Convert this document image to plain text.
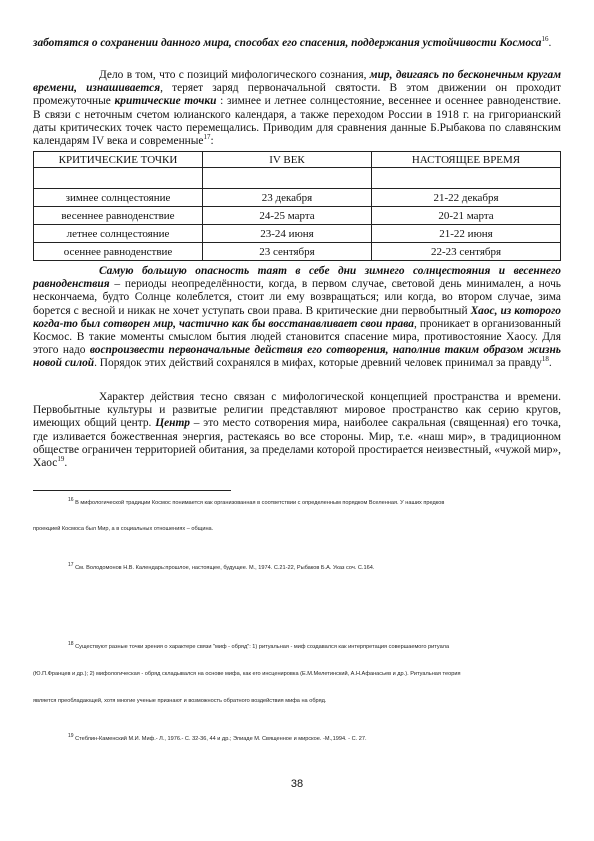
заботятся о сохранении данного мира, способах его спасения, поддержания устойчивости Космоса$^{16}$.
Дело в том, что с позиций мифологического сознания, мир, двигаясь по бесконечным кругам времени, изнашивается, теряет заряд первоначальной святости. В этом движении он проходит промежуточные критические точки : зимнее и летнее солнцестояние, весеннее и осеннее равноденствие. В связи с неточным счетом юлианского календаря, а также переходом России в 1918 г. на григорианский даты критических точек часто перемещались. Приводим для сравнения данные Б.Рыбакова по славянским календарям IV века и современные$^{17}$:
КРИТИЧЕСКИЕ ТОЧКИ	IV ВЕК	НАСТОЯЩЕЕ ВРЕМЯ

зимнее солнцестояние	23 декабря	21-22 декабря
весеннее равноденствие	24-25 марта	20-21 марта
летнее солнцестояние	23-24 июня	21-22 июня
осеннее равноденствие	23 сентября	22-23 сентября
Самую большую опасность таят в себе дни зимнего солнцестояния и весеннего равноденствия – периоды неопределённости, когда, в первом случае, световой день минимален, а ночь нескончаема, будто Солнце колеблется, стоит ли ему возвращаться; или когда, во втором случае, зима борется с весной и никак не хочет уступать свои права. В критические дни первобытный Хаос, из которого когда-то был сотворен мир, частично как бы восстанавливает свои права, проникает в организованный Космос. В такие моменты смыслом бытия людей становится спасение мира, противостояние Хаосу. Для этого надо воспроизвести первоначальные действия его сотворения, наполнив таким образом жизнь новой силой. Порядок этих действий сохранялся в мифах, которые древний человек принимал за правду$^{18}$.
Характер действия тесно связан с мифологической концепцией пространства и времени. Первобытные культуры и развитые религии представляют мировое пространство как серию кругов, имеющих общий центр. Центр – это место сотворения мира, наиболее сакральная (священная) его точка, где изливается божественная энергия, растекаясь во все стороны. Мир, т.е. «наш мир», в традиционном обществе ограничен территорией обитания, за пределами которой простирается неизвестный, «чужой мир», Хаос$^{19}$.
$^{16}$ В мифологической традиции Космос понимается как организованная в соответствии с определенным порядком Вселенная. У наших предков
проекцией Космоса был Мир, а в социальных отношениях – община.
$^{17}$ См. Володомонов Н.В. Календарь:прошлое, настоящее, будущее. М., 1974. С.21-22, Рыбаков Б.А. Указ соч. С.164.
$^{18}$ Существуют разные точки зрения о характере связи "миф - обряд": 1) ритуальная - миф создавался как интерпретация совершаемого ритуала
(Ю.П.Францев и др.); 2) мифологическая - обряд складывался на основе мифа, как его инсценировка (Е.М.Мелетинский, А.Н.Афанасьев и др.). Ритуальная теория
является преобладающей, хотя многие ученые признают и возможность обратного воздействия мифа на обряд.
$^{19}$ Стеблин-Каменский М.И. Миф.- Л., 1976.- С. 32-36, 44 и др.; Элиаде М. Священное и мирское. -М.,1994. - С. 27.
38
